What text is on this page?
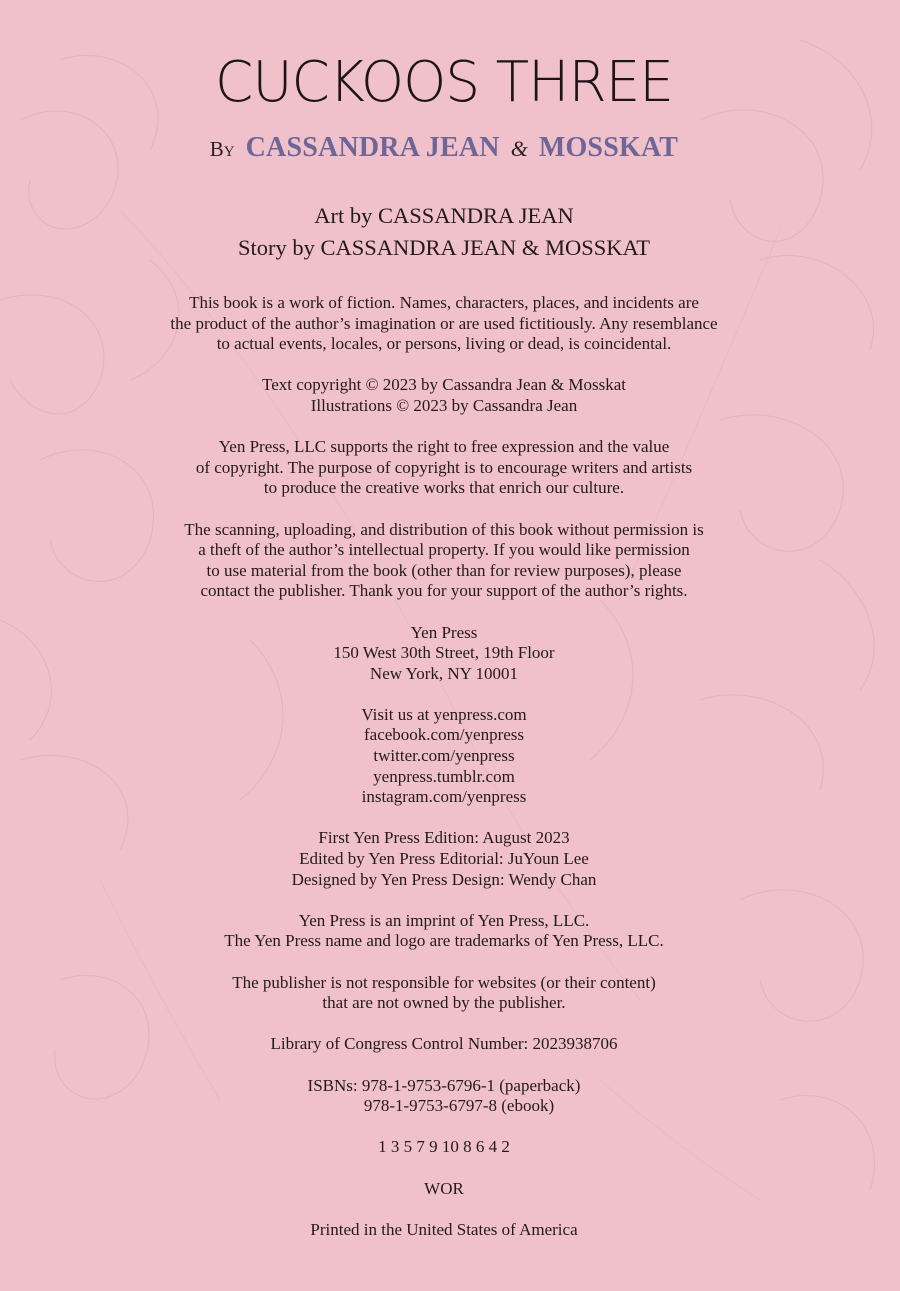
CUCKOOS THREE
By CASSANDRA JEAN & MOSSKAT
Art by CASSANDRA JEAN
Story by CASSANDRA JEAN & MOSSKAT
This book is a work of fiction. Names, characters, places, and incidents are
the product of the author’s imagination or are used fictitiously. Any resemblance
to actual events, locales, or persons, living or dead, is coincidental.
Text copyright © 2023 by Cassandra Jean & Mosskat
Illustrations © 2023 by Cassandra Jean
Yen Press, LLC supports the right to free expression and the value
of copyright. The purpose of copyright is to encourage writers and artists
to produce the creative works that enrich our culture.
The scanning, uploading, and distribution of this book without permission is
a theft of the author’s intellectual property. If you would like permission
to use material from the book (other than for review purposes), please
contact the publisher. Thank you for your support of the author’s rights.
Yen Press
150 West 30th Street, 19th Floor
New York, NY 10001
Visit us at yenpress.com
facebook.com/yenpress
twitter.com/yenpress
yenpress.tumblr.com
instagram.com/yenpress
First Yen Press Edition: August 2023
Edited by Yen Press Editorial: JuYoun Lee
Designed by Yen Press Design: Wendy Chan
Yen Press is an imprint of Yen Press, LLC.
The Yen Press name and logo are trademarks of Yen Press, LLC.
The publisher is not responsible for websites (or their content)
that are not owned by the publisher.
Library of Congress Control Number: 2023938706
ISBNs: 978-1-9753-6796-1 (paperback)
978-1-9753-6797-8 (ebook)
1 3 5 7 9 10 8 6 4 2
WOR
Printed in the United States of America
